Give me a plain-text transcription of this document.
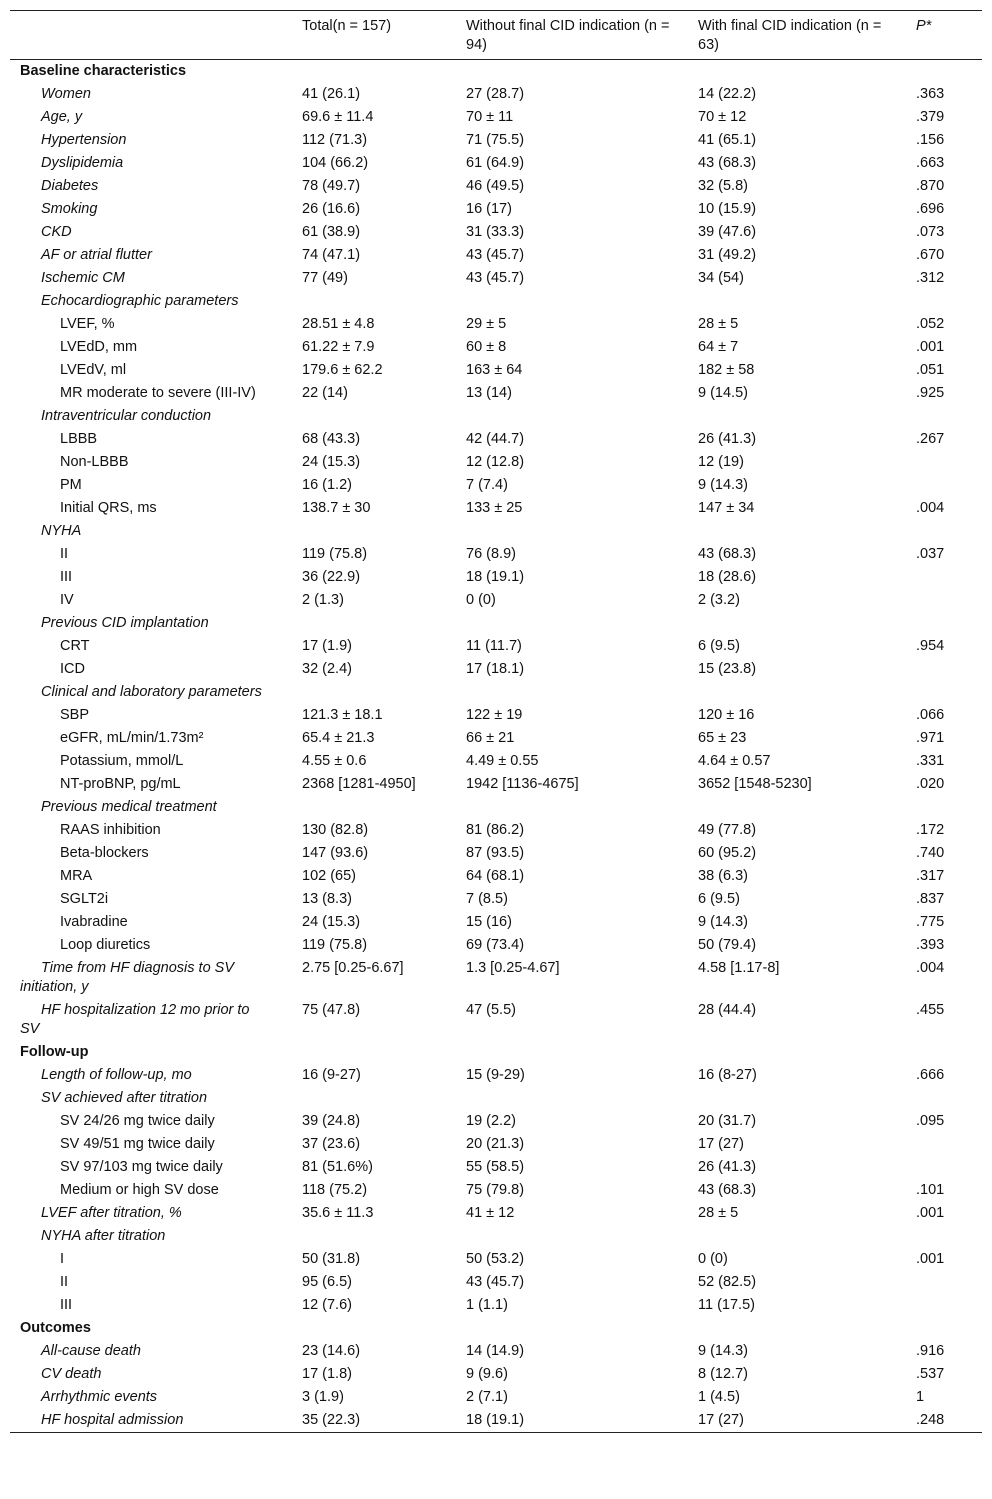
	Total(n = 157)	Without final CID indication (n = 94)	With final CID indication (n = 63)	P*
Baseline characteristics				
Women	41 (26.1)	27 (28.7)	14 (22.2)	.363
Age, y	69.6 ± 11.4	70 ± 11	70 ± 12	.379
Hypertension	112 (71.3)	71 (75.5)	41 (65.1)	.156
Dyslipidemia	104 (66.2)	61 (64.9)	43 (68.3)	.663
Diabetes	78 (49.7)	46 (49.5)	32 (5.8)	.870
Smoking	26 (16.6)	16 (17)	10 (15.9)	.696
CKD	61 (38.9)	31 (33.3)	39 (47.6)	.073
AF or atrial flutter	74 (47.1)	43 (45.7)	31 (49.2)	.670
Ischemic CM	77 (49)	43 (45.7)	34 (54)	.312
Echocardiographic parameters				
LVEF, %	28.51 ± 4.8	29 ± 5	28 ± 5	.052
LVEdD, mm	61.22 ± 7.9	60 ± 8	64 ± 7	.001
LVEdV, ml	179.6 ± 62.2	163 ± 64	182 ± 58	.051
MR moderate to severe (III-IV)	22 (14)	13 (14)	9 (14.5)	.925
Intraventricular conduction				
LBBB	68 (43.3)	42 (44.7)	26 (41.3)	.267
Non-LBBB	24 (15.3)	12 (12.8)	12 (19)	
PM	16 (1.2)	7 (7.4)	9 (14.3)	
Initial QRS, ms	138.7 ± 30	133 ± 25	147 ± 34	.004
NYHA				
II	119 (75.8)	76 (8.9)	43 (68.3)	.037
III	36 (22.9)	18 (19.1)	18 (28.6)	
IV	2 (1.3)	0 (0)	2 (3.2)	
Previous CID implantation				
CRT	17 (1.9)	11 (11.7)	6 (9.5)	.954
ICD	32 (2.4)	17 (18.1)	15 (23.8)	
Clinical and laboratory parameters				
SBP	121.3 ± 18.1	122 ± 19	120 ± 16	.066
eGFR, mL/min/1.73m²	65.4 ± 21.3	66 ± 21	65 ± 23	.971
Potassium, mmol/L	4.55 ± 0.6	4.49 ± 0.55	4.64 ± 0.57	.331
NT-proBNP, pg/mL	2368 [1281-4950]	1942 [1136-4675]	3652 [1548-5230]	.020
Previous medical treatment				
RAAS inhibition	130 (82.8)	81 (86.2)	49 (77.8)	.172
Beta-blockers	147 (93.6)	87 (93.5)	60 (95.2)	.740
MRA	102 (65)	64 (68.1)	38 (6.3)	.317
SGLT2i	13 (8.3)	7 (8.5)	6 (9.5)	.837
Ivabradine	24 (15.3)	15 (16)	9 (14.3)	.775
Loop diuretics	119 (75.8)	69 (73.4)	50 (79.4)	.393
Time from HF diagnosis to SV initiation, y	2.75 [0.25-6.67]	1.3 [0.25-4.67]	4.58 [1.17-8]	.004
HF hospitalization 12 mo prior to SV	75 (47.8)	47 (5.5)	28 (44.4)	.455
Follow-up				
Length of follow-up, mo	16 (9-27)	15 (9-29)	16 (8-27)	.666
SV achieved after titration				
SV 24/26 mg twice daily	39 (24.8)	19 (2.2)	20 (31.7)	.095
SV 49/51 mg twice daily	37 (23.6)	20 (21.3)	17 (27)	
SV 97/103 mg twice daily	81 (51.6%)	55 (58.5)	26 (41.3)	
Medium or high SV dose	118 (75.2)	75 (79.8)	43 (68.3)	.101
LVEF after titration, %	35.6 ± 11.3	41 ± 12	28 ± 5	.001
NYHA after titration				
I	50 (31.8)	50 (53.2)	0 (0)	.001
II	95 (6.5)	43 (45.7)	52 (82.5)	
III	12 (7.6)	1 (1.1)	11 (17.5)	
Outcomes				
All-cause death	23 (14.6)	14 (14.9)	9 (14.3)	.916
CV death	17 (1.8)	9 (9.6)	8 (12.7)	.537
Arrhythmic events	3 (1.9)	2 (7.1)	1 (4.5)	1
HF hospital admission	35 (22.3)	18 (19.1)	17 (27)	.248
